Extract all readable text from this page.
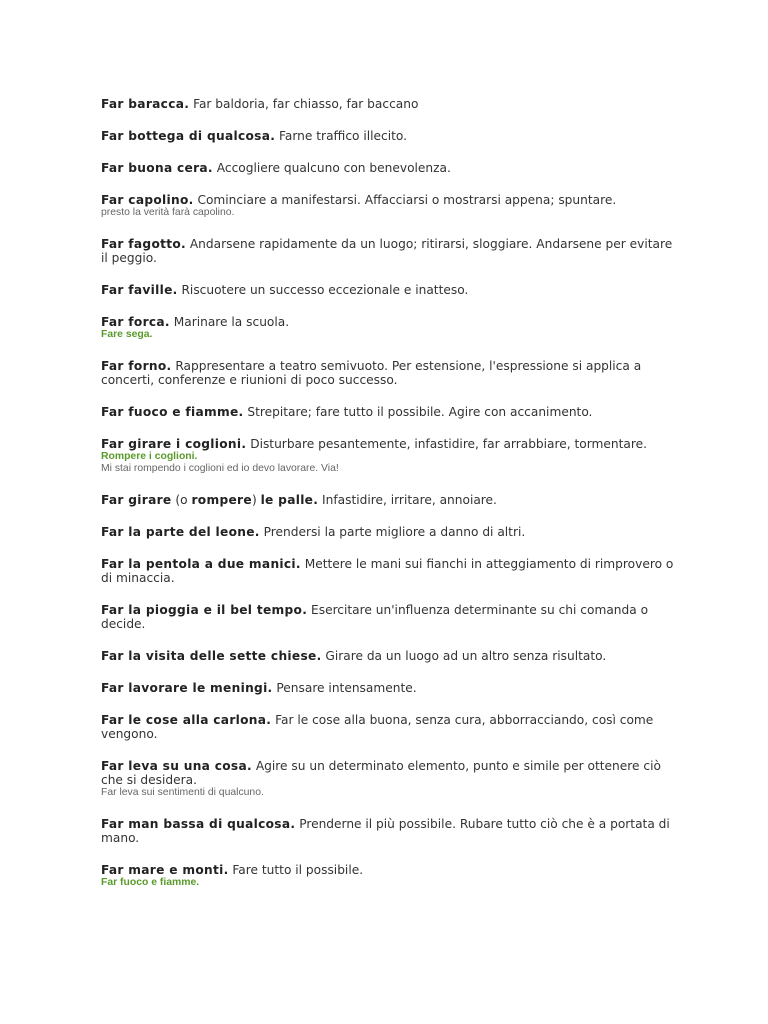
Far baracca. Far baldoria, far chiasso, far baccano

Far bottega di qualcosa. Farne traffico illecito.

Far buona cera. Accogliere qualcuno con benevolenza.

Far capolino. Cominciare a manifestarsi. Affacciarsi o mostrarsi appena; spuntare.

presto la verità farà capolino.

Far fagotto. Andarsene rapidamente da un luogo; ritirarsi, sloggiare. Andarsene per evitare il peggio.

Far faville. Riscuotere un successo eccezionale e inatteso.

Far forca. Marinare la scuola.

Fare sega.

Far forno. Rappresentare a teatro semivuoto. Per estensione, l'espressione si applica a concerti, conferenze e riunioni di poco successo.

Far fuoco e fiamme. Strepitare; fare tutto il possibile. Agire con accanimento.

Far girare i coglioni. Disturbare pesantemente, infastidire, far arrabbiare, tormentare.

Rompere i coglioni.

Mi stai rompendo i coglioni ed io devo lavorare. Via!

Far girare (o rompere) le palle. Infastidire, irritare, annoiare.

Far la parte del leone. Prendersi la parte migliore a danno di altri.

Far la pentola a due manici. Mettere le mani sui fianchi in atteggiamento di rimprovero o di minaccia.

Far la pioggia e il bel tempo. Esercitare un'influenza determinante su chi comanda o decide.

Far la visita delle sette chiese. Girare da un luogo ad un altro senza risultato.

Far lavorare le meningi. Pensare intensamente.

Far le cose alla carlona. Far le cose alla buona, senza cura, abborracciando, così come vengono.

Far leva su una cosa. Agire su un determinato elemento, punto e simile per ottenere ciò che si desidera.

Far leva sui sentimenti di qualcuno.

Far man bassa di qualcosa. Prenderne il più possibile. Rubare tutto ciò che è a portata di mano.

Far mare e monti. Fare tutto il possibile.

Far fuoco e fiamme.
